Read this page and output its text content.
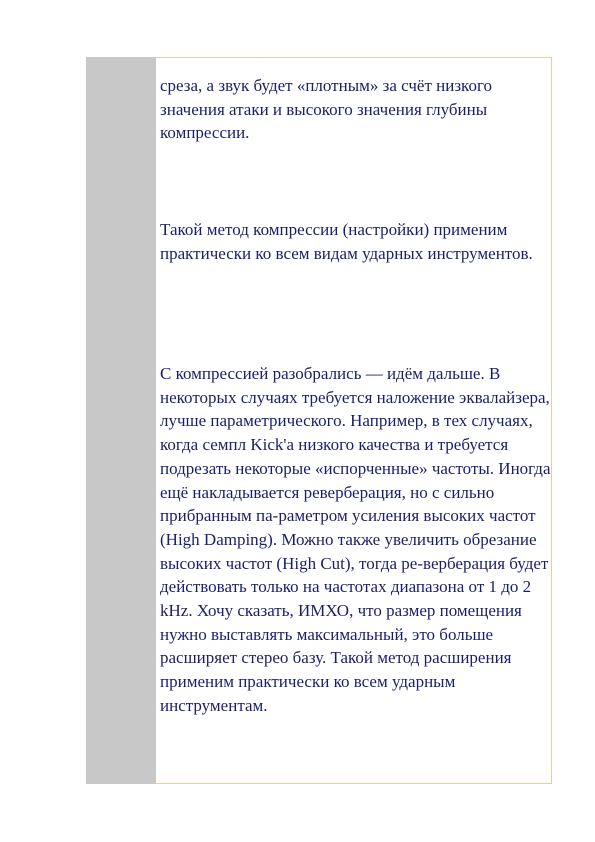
среза, а звук будет «плотным» за счёт низкого значения атаки и высокого значения глубины компрессии.

Такой метод компрессии (настройки) применим практически ко всем видам ударных инструментов.

С компрессией разобрались — идём дальше. В некоторых случаях требуется наложение эквалайзера, лучше параметрического. Например, в тех случаях, когда семпл Kick'a низкого качества и требуется подрезать некоторые «испорченные» частоты. Иногда ещё накладывается реверберация, но с сильно прибранным па-раметром усиления высоких частот (High Damping). Можно также увеличить обрезание высоких частот (High Cut), тогда ре-верберация будет действовать только на частотах диапазона от 1 до 2 kHz. Хочу сказать, ИМХО, что размер помещения нужно выставлять максимальный, это больше расширяет стерео базу. Такой метод расширения применим практически ко всем ударным инструментам.
